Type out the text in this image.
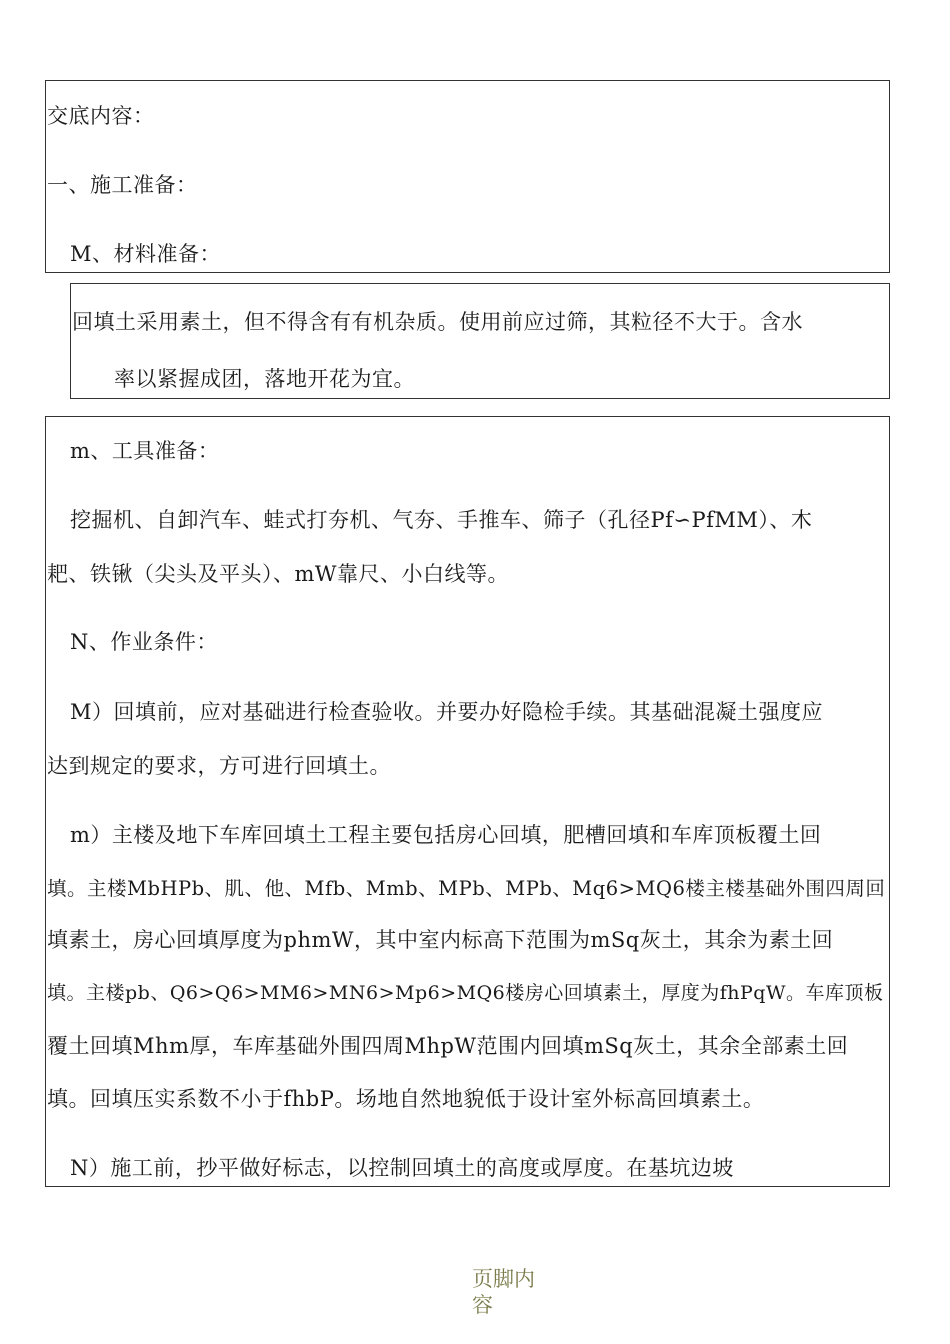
交底内容：
一、施工准备：
M、材料准备：
回填土采用素土，但不得含有有机杂质。使用前应过筛，其粒径不大于。含水
率以紧握成团，落地开花为宜。
m、工具准备：
挖掘机、自卸汽车、蛙式打夯机、气夯、手推车、筛子（孔径Pf∽PfMM）、木
耙、铁锹（尖头及平头）、mW靠尺、小白线等。
N、作业条件：
M）回填前，应对基础进行检查验收。并要办好隐检手续。其基础混凝土强度应
达到规定的要求，方可进行回填土。
m）主楼及地下车库回填土工程主要包括房心回填，肥槽回填和车库顶板覆土回
填。主楼MbHPb、肌、他、Mfb、Mmb、MPb、MPb、Mq6>MQ6楼主楼基础外围四周回
填素土，房心回填厚度为phmW，其中室内标高下范围为mSq灰土，其余为素土回
填。主楼pb、Q6>Q6>MM6>MN6>Mp6>MQ6楼房心回填素土，厚度为fhPqW。车库顶板
覆土回填Mhm厚，车库基础外围四周MhpW范围内回填mSq灰土，其余全部素土回
填。回填压实系数不小于fhbP。场地自然地貌低于设计室外标高回填素土。
N）施工前，抄平做好标志，以控制回填土的高度或厚度。在基坑边坡
页脚内容
